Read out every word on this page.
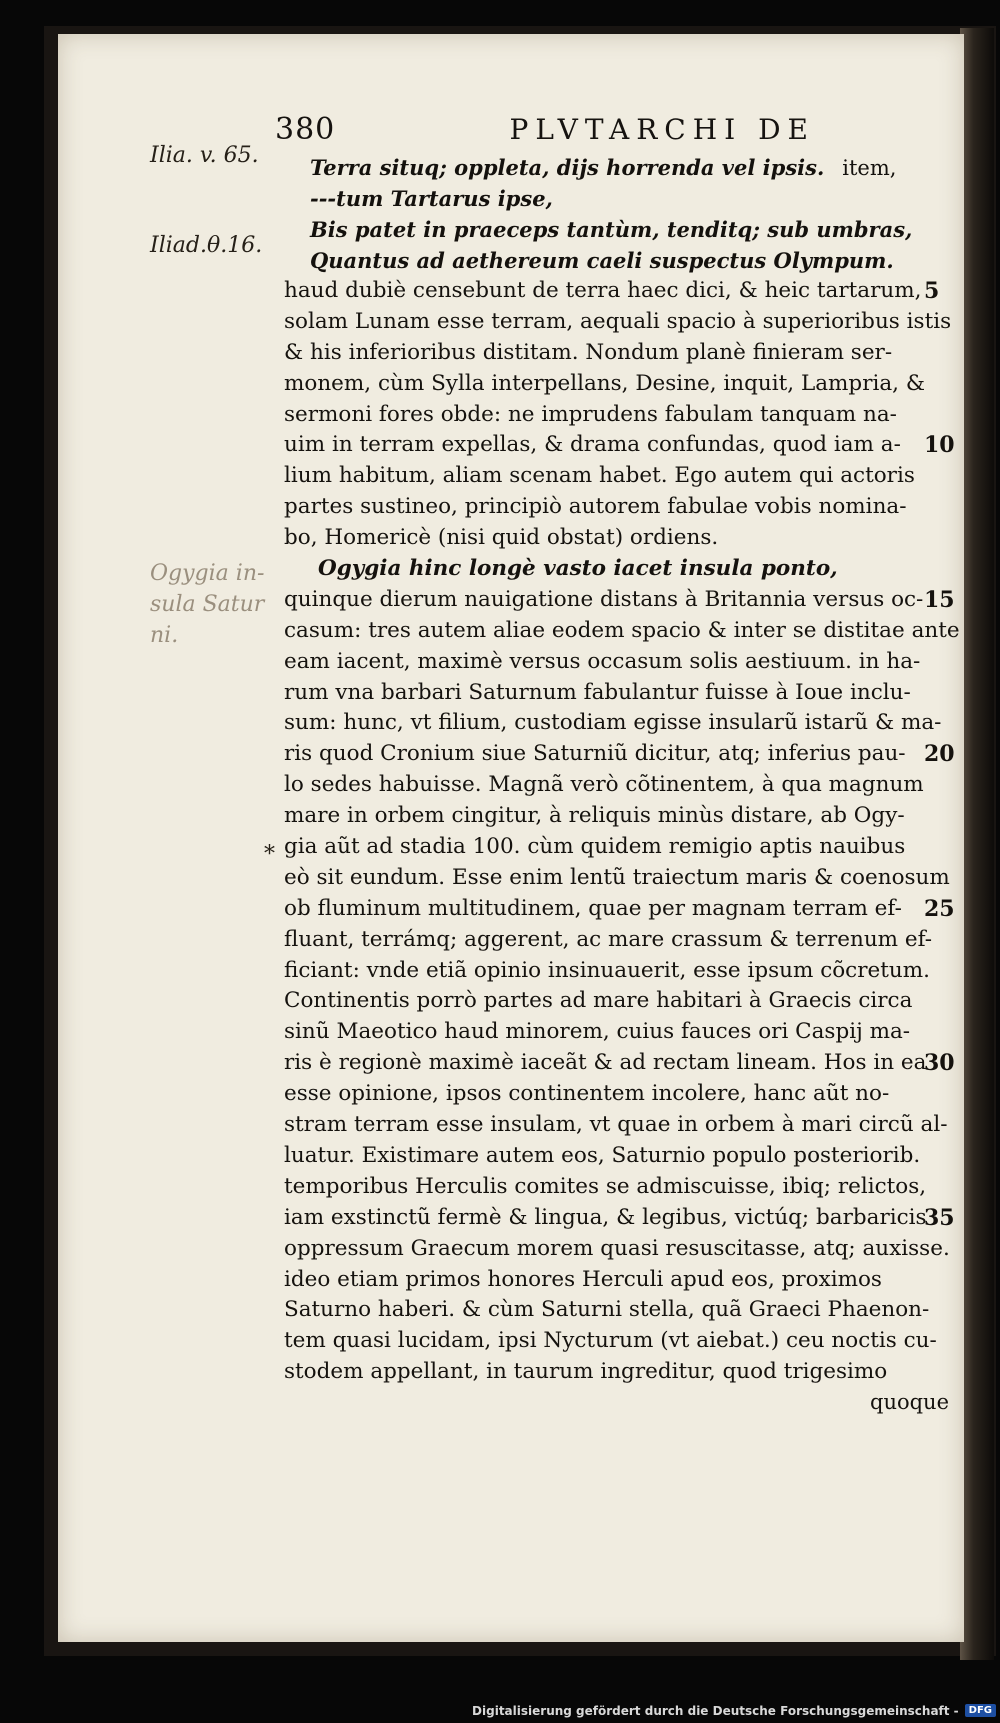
380	PLVTARCHI DE
Ilia. v. 65.
Iliad.θ.16.
Ogygia in-
sula Satur
ni.
*
Terra situq; oppleta, dijs horrenda vel ipsis. item,
---tum Tartarus ipse,
Bis patet in praeceps tantùm, tenditq; sub umbras,
Quantus ad aethereum caeli suspectus Olympum.
haud dubiè censebunt de terra haec dici, & heic tartarum,
solam Lunam esse terram, aequali spacio à superioribus istis
& his inferioribus distitam. Nondum planè finieram ser-
monem, cùm Sylla interpellans, Desine, inquit, Lampria, &
sermoni fores obde: ne imprudens fabulam tanquam na-
uim in terram expellas, & drama confundas, quod iam a-
lium habitum, aliam scenam habet. Ego autem qui actoris
partes sustineo, principiò autorem fabulae vobis nomina-
bo, Homericè (nisi quid obstat) ordiens.
Ogygia hinc longè vasto iacet insula ponto,
quinque dierum nauigatione distans à Britannia versus oc-
casum: tres autem aliae eodem spacio & inter se distitae ante
eam iacent, maximè versus occasum solis aestiuum. in ha-
rum vna barbari Saturnum fabulantur fuisse à Ioue inclu-
sum: hunc, vt filium, custodiam egisse insularũ istarũ & ma-
ris quod Cronium siue Saturniũ dicitur, atq; inferius pau-
lo sedes habuisse. Magnã verò cõtinentem, à qua magnum
mare in orbem cingitur, à reliquis minùs distare, ab Ogy-
gia aũt ad stadia 100. cùm quidem remigio aptis nauibus
eò sit eundum. Esse enim lentũ traiectum maris & coenosum
ob fluminum multitudinem, quae per magnam terram ef-
fluant, terrámq; aggerent, ac mare crassum & terrenum ef-
ficiant: vnde etiã opinio insinuauerit, esse ipsum cõcretum.
Continentis porrò partes ad mare habitari à Graecis circa
sinũ Maeotico haud minorem, cuius fauces ori Caspij ma-
ris è regionè maximè iaceãt & ad rectam lineam. Hos in ea
esse opinione, ipsos continentem incolere, hanc aũt no-
stram terram esse insulam, vt quae in orbem à mari circũ al-
luatur. Existimare autem eos, Saturnio populo posteriorib.
temporibus Herculis comites se admiscuisse, ibiq; relictos,
iam exstinctũ fermè & lingua, & legibus, victúq; barbaricis
oppressum Graecum morem quasi resuscitasse, atq; auxisse.
ideo etiam primos honores Herculi apud eos, proximos
Saturno haberi. & cùm Saturni stella, quã Graeci Phaenon-
tem quasi lucidam, ipsi Nycturum (vt aiebat.) ceu noctis cu-
stodem appellant, in taurum ingreditur, quod trigesimo
5
10
15
20
25
30
35
quoque
Digitalisierung gefördert durch die Deutsche Forschungsgemeinschaft -	DFG
